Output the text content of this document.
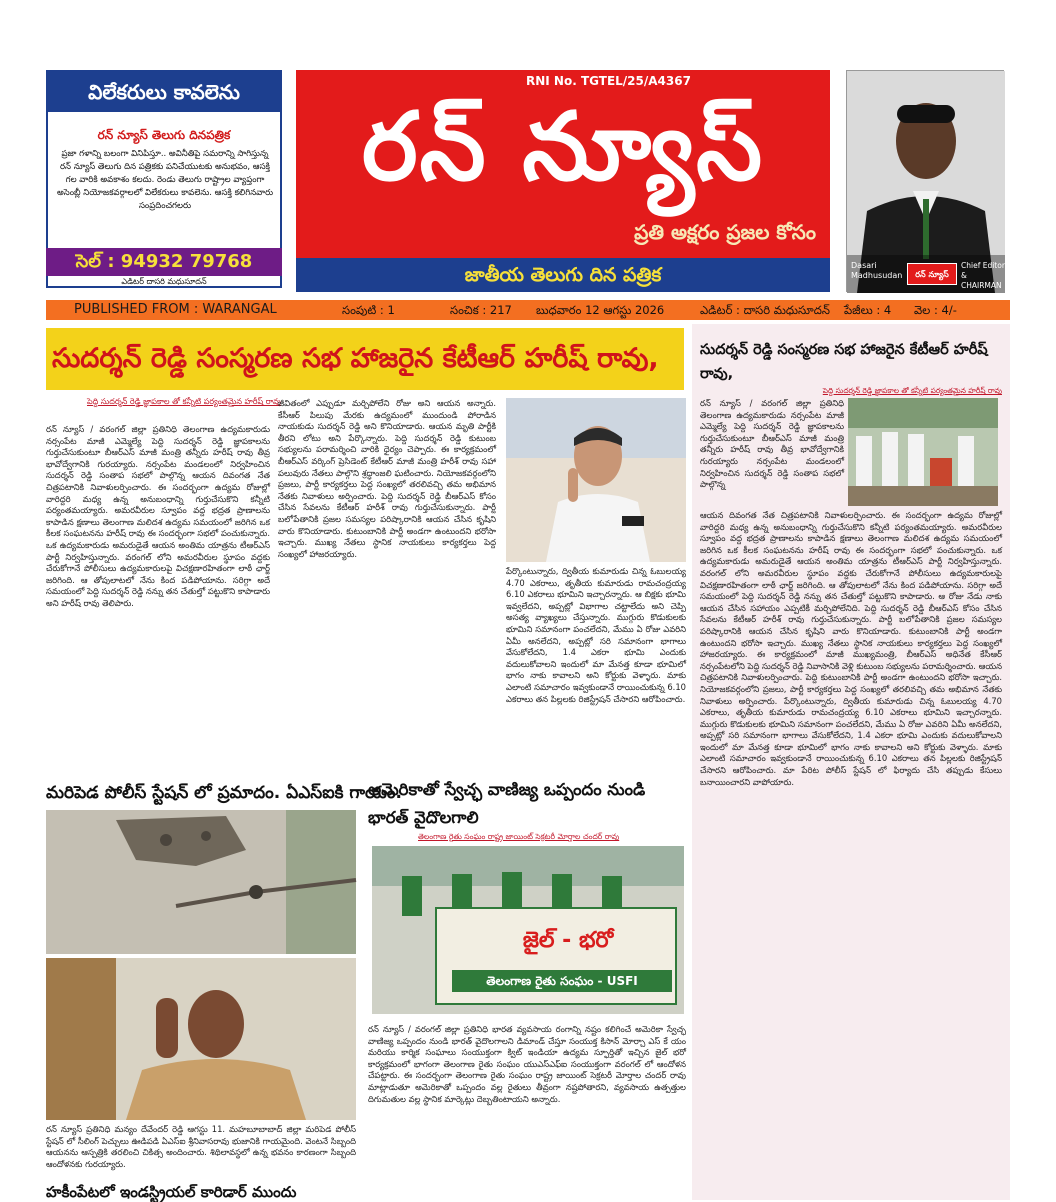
విలేకరులు కావలెను
రన్ న్యూస్ తెలుగు దినపత్రిక
ప్రజా గళాన్ని బలంగా వినిపిస్తూ.. అవినీతిపై సమరాన్ని సాగిస్తున్న రన్ న్యూస్ తెలుగు దిన పత్రికకు పనిచేయుటకు అనుభవం, ఆసక్తి గల వారికి అవకాశం కలదు. రెండు తెలుగు రాష్ట్రాల వ్యాప్తంగా అసెంబ్లీ నియోజకవర్గాలలో విలేకరులు కావలెను. ఆసక్తి కలిగినవారు సంప్రదించగలరు
సెల్ : 94932 79768
ఎడిటర్ దాసరి మధుసూదన్
RNI No. TGTEL/25/A4367
రన్ న్యూస్
ప్రతి అక్షరం ప్రజల కోసం
జాతీయ తెలుగు దిన పత్రిక	Dasari Madhusudan	రన్ న్యూస్
Chief Editor & CHAIRMAN
PUBLISHED FROM : WARANGAL	సంపుటి : 1	సంచిక : 217 బుధవారం 12 ఆగస్టు 2026	ఎడిటర్ : దాసరి మధుసూదన్ పేజీలు : 4 వెల : 4/-
సుదర్శన్ రెడ్డి సంస్మరణ సభ హాజరైన కేటీఆర్ హరీష్ రావు,
పెద్ది సుదర్శన్ రెడ్డి జ్ఞాపకాల తో కన్నీటి పర్యంతమైన హరీష్ రావు
రన్ న్యూస్ / వరంగల్ జిల్లా ప్రతినిధి తెలంగాణ ఉద్యమకారుడు నర్సంపేట మాజీ ఎమ్మెల్యే పెద్ది సుదర్శన్ రెడ్డి జ్ఞాపకాలను గుర్తుచేసుకుంటూ బీఆర్ఎస్ మాజీ మంత్రి తన్నీరు హరీష్ రావు తీవ్ర భావోద్వేగానికి గురయ్యారు. నర్సంపేట మండలంలో నిర్వహించిన సుదర్శన్ రెడ్డి సంతాప సభలో పాల్గొన్న ఆయన దివంగత నేత చిత్రపటానికి నివాళులర్పించారు. ఈ సందర్భంగా ఉద్యమ రోజుల్లో వారిద్దరి మధ్య ఉన్న అనుబంధాన్ని గుర్తుచేసుకొని కన్నీటి పర్యంతమయ్యారు. అమరవీరుల స్వూపం వద్ద భద్రత ప్రాణాలను కాపాడిన క్షణాలు తెలంగాణ మలిదశ ఉద్యమ సమయంలో జరిగిన ఒక కీలక సంఘటనను హరీష్ రావు ఈ సందర్భంగా సభలో పంచుకున్నారు. ఒక ఉద్యమకారుడు అమరుడైతే ఆయన అంతిమ యాత్రను టీఆర్ఎస్ పార్టీ నిర్వహిస్తున్నారు. వరంగల్ లోని అమరవీరుల స్థూపం వద్దకు చేరుకోగానే పోలీసులు ఉద్యమకారులపై విచక్షణారహితంగా లాఠీ ఛార్జ్ జరిగింది. ఆ తోపులాటలో నేను కింద పడిపోయాను. సరిగ్గా అదే సమయంలో పెద్ది సుదర్శన్ రెడ్డి నన్ను తన చేతుల్తో పట్టుకొని కాపాడారు అని హరీష్ రావు తెలిపారు.
జీవితంలో ఎప్పుడూ మర్చిపోలేని రోజు అని ఆయన అన్నారు. కేసీఆర్ పిలుపు మేరకు ఉద్యమంలో ముందుండి పోరాడిన నాయకుడు సుదర్శన్ రెడ్డి అని కొనియాడారు. ఆయన మృతి పార్టీకి తీరని లోటు అని పేర్కొన్నారు. పెద్ది సుదర్శన్ రెడ్డి కుటుంబ సభ్యులను పరామర్శించి వారికి ధైర్యం చెప్పారు. ఈ కార్యక్రమంలో బీఆర్ఎస్ వర్కింగ్ ప్రెసిడెంట్ కేటీఆర్ మాజీ మంత్రి హరీశ్ రావు సహా పలువురు నేతలు పాల్గొని శ్రద్ధాంజలి ఘటించారు. నియోజకవర్గంలోని ప్రజలు, పార్టీ కార్యకర్తలు పెద్ద సంఖ్యలో తరలివచ్చి తమ అభిమాన నేతకు నివాళులు అర్పించారు. పెద్ది సుదర్శన్ రెడ్డి బీఆర్ఎస్ కోసం చేసిన సేవలను కేటీఆర్ హరీశ్ రావు గుర్తుచేసుకున్నారు. పార్టీ బలోపేతానికి ప్రజల సమస్యల పరిష్కారానికి ఆయన చేసిన కృషిని వారు కొనియాడారు. కుటుంబానికి పార్టీ అండగా ఉంటుందని భరోసా ఇచ్చారు. ముఖ్య నేతలు స్థానిక నాయకులు కార్యకర్తలు పెద్ద సంఖ్యలో హాజరయ్యారు.
పేర్కొంటున్నారు, ద్వితీయ కుమారుడు చిన్న ఓబులయ్య 4.70 ఎకరాలు, తృతీయ కుమారుడు రామచంద్రయ్య 6.10 ఎకరాలు భూమిని ఇచ్చారన్నారు. ఆ బిక్షకు భూమి ఇవ్వలేదని, అప్పట్లో విభాగాల చట్టాలేదు అని చెప్పి అసత్య వ్యాఖ్యలు చేస్తున్నారు. ముగ్గురు కొడుకులకు భూమిని సమానంగా పంచలేదని, మేము ఏ రోజు ఎవరిని ఏమీ అనలేదని, అప్పట్లో సరి సమానంగా భాగాలు వేసుకోలేదని, 1.4 ఎకరా భూమి ఎందుకు వదులుకోవాలని ఇందులో మా మేనత్త కూడా భూమిలో భాగం నాకు కావాలని అని కోర్టుకు వెళ్ళారు. మాకు ఎలాంటి సమాచారం ఇవ్వకుండానే రాయించుకున్న 6.10 ఎకరాలు తన పిల్లలకు రిజిస్ట్రేషన్ చేసారని ఆరోపించారు.
మరిపెడ పోలీస్ స్టేషన్ లో ప్రమాదం. ఏఎస్ఐకి గాయం.
రన్ న్యూస్ ప్రతినిధి మన్యం దేవేందర్ రెడ్డి ఆగస్టు 11. మహబూబాబాద్ జిల్లా మరిపెడ పోలీస్ స్టేషన్ లో సీలింగ్ పెచ్చులు ఊడిపడి ఏఎస్ఐ శ్రీనివాసరావు భుజానికి గాయమైంది. వెంటనే సిబ్బంది ఆయనను ఆస్పత్రికి తరలించి చికిత్స అందించారు. శిథిలావస్థలో ఉన్న భవనం కారణంగా సిబ్బంది ఆందోళనకు గురయ్యారు.
హకీంపేటలో ఇండస్ట్రియల్ కారిడార్ ముందు
అమెరికాతో స్వేచ్ఛ వాణిజ్య ఒప్పందం నుండి భారత్ వైదొలగాలి
తెలంగాణ రైతు సంఘం రాష్ట్ర జాయింట్ సెక్రటరీ మోర్తాల చందర్ రావు
జైల్ - భరో
తెలంగాణ రైతు సంఘం - USFI
రన్ న్యూస్ / వరంగల్ జిల్లా ప్రతినిధి భారత వ్యవసాయ రంగాన్ని నష్టం కలిగించే అమెరికా స్వేచ్ఛ వాణిజ్య ఒప్పందం నుండి భారత్ వైదొలగాలని డిమాండ్ చేస్తూ సంయుక్త కిసాన్ మోర్చా ఎస్ కే యం మరియు కార్మిక సంఘాలు సంయుక్తంగా క్విట్ ఇండియా ఉద్యమ స్ఫూర్తితో ఇచ్చిన జైల్ భరో కార్యక్రమంలో భాగంగా తెలంగాణ రైతు సంఘం యుఎస్ఎఫ్ఐ సంయుక్తంగా వరంగల్ లో ఆందోళన చేపట్టారు. ఈ సందర్భంగా తెలంగాణ రైతు సంఘం రాష్ట్ర జాయింట్ సెక్రటరీ మోర్తాల చందర్ రావు మాట్లాడుతూ అమెరికాతో ఒప్పందం వల్ల రైతులు తీవ్రంగా నష్టపోతారని, వ్యవసాయ ఉత్పత్తుల దిగుమతుల వల్ల స్థానిక మార్కెట్లు దెబ్బతింటాయని అన్నారు.
సుదర్శన్ రెడ్డి సంస్మరణ సభ హాజరైన కేటీఆర్ హరీష్ రావు,
పెద్ది సుదర్శన్ రెడ్డి జ్ఞాపకాల తో కన్నీటి పర్యంతమైన హరీష్ రావు
రన్ న్యూస్ / వరంగల్ జిల్లా ప్రతినిధి తెలంగాణ ఉద్యమకారుడు నర్సంపేట మాజీ ఎమ్మెల్యే పెద్ది సుదర్శన్ రెడ్డి జ్ఞాపకాలను గుర్తుచేసుకుంటూ బీఆర్ఎస్ మాజీ మంత్రి తన్నీరు హరీష్ రావు తీవ్ర భావోద్వేగానికి గురయ్యారు నర్సంపేట మండలంలో నిర్వహించిన సుదర్శన్ రెడ్డి సంతాప సభలో పాల్గొన్న
ఆయన దివంగత నేత చిత్రపటానికి నివాళులర్పించారు. ఈ సందర్భంగా ఉద్యమ రోజుల్లో వారిద్దరి మధ్య ఉన్న అనుబంధాన్ని గుర్తుచేసుకొని కన్నీటి పర్యంతమయ్యారు. అమరవీరుల స్వూపం వద్ద భద్రత ప్రాణాలను కాపాడిన క్షణాలు తెలంగాణ మలిదశ ఉద్యమ సమయంలో జరిగిన ఒక కీలక సంఘటనను హరీష్ రావు ఈ సందర్భంగా సభలో పంచుకున్నారు. ఒక ఉద్యమకారుడు అమరుడైతే ఆయన అంతిమ యాత్రను టీఆర్ఎస్ పార్టీ నిర్వహిస్తున్నారు. వరంగల్ లోని అమరవీరుల స్థూపం వద్దకు చేరుకోగానే పోలీసులు ఉద్యమకారులపై విచక్షణారహితంగా లాఠీ ఛార్జ్ జరిగింది. ఆ తోపులాటలో నేను కింద పడిపోయాను. సరిగ్గా అదే సమయంలో పెద్ది సుదర్శన్ రెడ్డి నన్ను తన చేతుల్తో పట్టుకొని కాపాడారు. ఆ రోజు నేడు నాకు ఆయన చేసిన సహాయం ఎప్పటికీ మర్చిపోలేనిది. పెద్ది సుదర్శన్ రెడ్డి బీఆర్ఎస్ కోసం చేసిన సేవలను కేటీఆర్ హరీశ్ రావు గుర్తుచేసుకున్నారు. పార్టీ బలోపేతానికి ప్రజల సమస్యల పరిష్కారానికి ఆయన చేసిన కృషిని వారు కొనియాడారు. కుటుంబానికి పార్టీ అండగా ఉంటుందని భరోసా ఇచ్చారు. ముఖ్య నేతలు స్థానిక నాయకులు కార్యకర్తలు పెద్ద సంఖ్యలో హాజరయ్యారు. ఈ కార్యక్రమంలో మాజీ ముఖ్యమంత్రి, బీఆర్ఎస్ అధినేత కేసీఆర్ నర్సంపేటలోని పెద్ది సుదర్శన్ రెడ్డి నివాసానికి వెళ్లి కుటుంబ సభ్యులను పరామర్శించారు. ఆయన చిత్రపటానికి నివాళులర్పించారు. పెద్ది కుటుంబానికి పార్టీ అండగా ఉంటుందని భరోసా ఇచ్చారు. నియోజకవర్గంలోని ప్రజలు, పార్టీ కార్యకర్తలు పెద్ద సంఖ్యలో తరలివచ్చి తమ అభిమాన నేతకు నివాళులు అర్పించారు. పేర్కొంటున్నారు, ద్వితీయ కుమారుడు చిన్న ఓబులయ్య 4.70 ఎకరాలు, తృతీయ కుమారుడు రామచంద్రయ్య 6.10 ఎకరాలు భూమిని ఇచ్చారన్నారు. ముగ్గురు కొడుకులకు భూమిని సమానంగా పంచలేదని, మేము ఏ రోజు ఎవరిని ఏమీ అనలేదని, అప్పట్లో సరి సమానంగా భాగాలు వేసుకోలేదని, 1.4 ఎకరా భూమి ఎందుకు వదులుకోవాలని ఇందులో మా మేనత్త కూడా భూమిలో భాగం నాకు కావాలని అని కోర్టుకు వెళ్ళారు. మాకు ఎలాంటి సమాచారం ఇవ్వకుండానే రాయించుకున్న 6.10 ఎకరాలు తన పిల్లలకు రిజిస్ట్రేషన్ చేసారని ఆరోపించారు. మా పేరిట పోలీస్ స్టేషన్ లో ఫిర్యాదు చేసి తప్పుడు కేసులు బనాయించారని వాపోయారు.
